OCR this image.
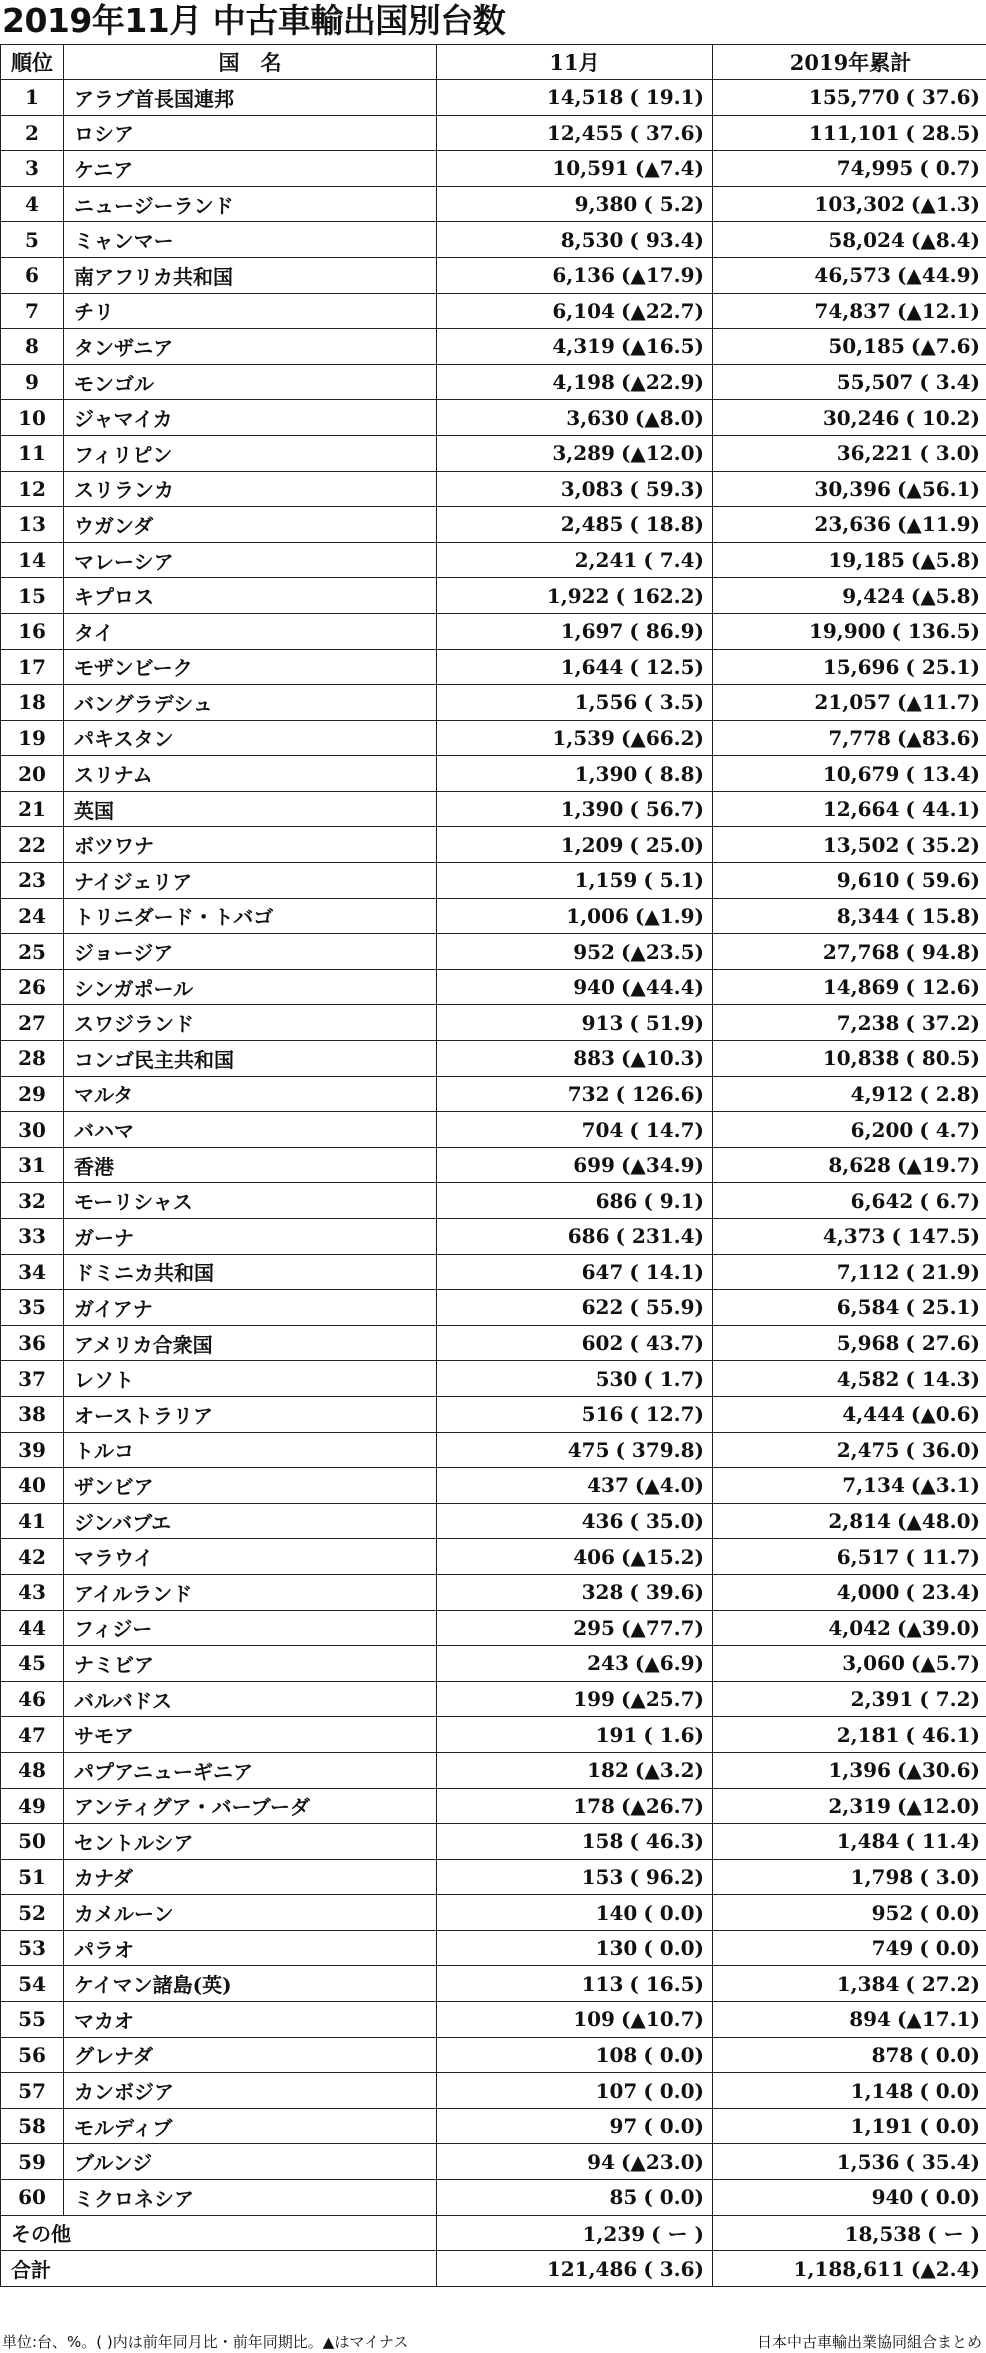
2019年11月 中古車輸出国別台数
順位	国　名	11月	2019年累計
1	アラブ首長国連邦	14,518 ( 19.1)	155,770 ( 37.6)
2	ロシア	12,455 ( 37.6)	111,101 ( 28.5)
3	ケニア	10,591 (▲7.4)	74,995 ( 0.7)
4	ニュージーランド	9,380 ( 5.2)	103,302 (▲1.3)
5	ミャンマー	8,530 ( 93.4)	58,024 (▲8.4)
6	南アフリカ共和国	6,136 (▲17.9)	46,573 (▲44.9)
7	チリ	6,104 (▲22.7)	74,837 (▲12.1)
8	タンザニア	4,319 (▲16.5)	50,185 (▲7.6)
9	モンゴル	4,198 (▲22.9)	55,507 ( 3.4)
10	ジャマイカ	3,630 (▲8.0)	30,246 ( 10.2)
11	フィリピン	3,289 (▲12.0)	36,221 ( 3.0)
12	スリランカ	3,083 ( 59.3)	30,396 (▲56.1)
13	ウガンダ	2,485 ( 18.8)	23,636 (▲11.9)
14	マレーシア	2,241 ( 7.4)	19,185 (▲5.8)
15	キプロス	1,922 ( 162.2)	9,424 (▲5.8)
16	タイ	1,697 ( 86.9)	19,900 ( 136.5)
17	モザンビーク	1,644 ( 12.5)	15,696 ( 25.1)
18	バングラデシュ	1,556 ( 3.5)	21,057 (▲11.7)
19	パキスタン	1,539 (▲66.2)	7,778 (▲83.6)
20	スリナム	1,390 ( 8.8)	10,679 ( 13.4)
21	英国	1,390 ( 56.7)	12,664 ( 44.1)
22	ボツワナ	1,209 ( 25.0)	13,502 ( 35.2)
23	ナイジェリア	1,159 ( 5.1)	9,610 ( 59.6)
24	トリニダード・トバゴ	1,006 (▲1.9)	8,344 ( 15.8)
25	ジョージア	952 (▲23.5)	27,768 ( 94.8)
26	シンガポール	940 (▲44.4)	14,869 ( 12.6)
27	スワジランド	913 ( 51.9)	7,238 ( 37.2)
28	コンゴ民主共和国	883 (▲10.3)	10,838 ( 80.5)
29	マルタ	732 ( 126.6)	4,912 ( 2.8)
30	バハマ	704 ( 14.7)	6,200 ( 4.7)
31	香港	699 (▲34.9)	8,628 (▲19.7)
32	モーリシャス	686 ( 9.1)	6,642 ( 6.7)
33	ガーナ	686 ( 231.4)	4,373 ( 147.5)
34	ドミニカ共和国	647 ( 14.1)	7,112 ( 21.9)
35	ガイアナ	622 ( 55.9)	6,584 ( 25.1)
36	アメリカ合衆国	602 ( 43.7)	5,968 ( 27.6)
37	レソト	530 ( 1.7)	4,582 ( 14.3)
38	オーストラリア	516 ( 12.7)	4,444 (▲0.6)
39	トルコ	475 ( 379.8)	2,475 ( 36.0)
40	ザンビア	437 (▲4.0)	7,134 (▲3.1)
41	ジンバブエ	436 ( 35.0)	2,814 (▲48.0)
42	マラウイ	406 (▲15.2)	6,517 ( 11.7)
43	アイルランド	328 ( 39.6)	4,000 ( 23.4)
44	フィジー	295 (▲77.7)	4,042 (▲39.0)
45	ナミビア	243 (▲6.9)	3,060 (▲5.7)
46	バルバドス	199 (▲25.7)	2,391 ( 7.2)
47	サモア	191 ( 1.6)	2,181 ( 46.1)
48	パプアニューギニア	182 (▲3.2)	1,396 (▲30.6)
49	アンティグア・バーブーダ	178 (▲26.7)	2,319 (▲12.0)
50	セントルシア	158 ( 46.3)	1,484 ( 11.4)
51	カナダ	153 ( 96.2)	1,798 ( 3.0)
52	カメルーン	140 ( 0.0)	952 ( 0.0)
53	パラオ	130 ( 0.0)	749 ( 0.0)
54	ケイマン諸島(英)	113 ( 16.5)	1,384 ( 27.2)
55	マカオ	109 (▲10.7)	894 (▲17.1)
56	グレナダ	108 ( 0.0)	878 ( 0.0)
57	カンボジア	107 ( 0.0)	1,148 ( 0.0)
58	モルディブ	97 ( 0.0)	1,191 ( 0.0)
59	ブルンジ	94 (▲23.0)	1,536 ( 35.4)
60	ミクロネシア	85 ( 0.0)	940 ( 0.0)
その他		1,239 ( ー )	18,538 ( ー )
合計		121,486 ( 3.6)	1,188,611 (▲2.4)
単位:台、%。( )内は前年同月比・前年同期比。▲はマイナス	日本中古車輸出業協同組合まとめ
